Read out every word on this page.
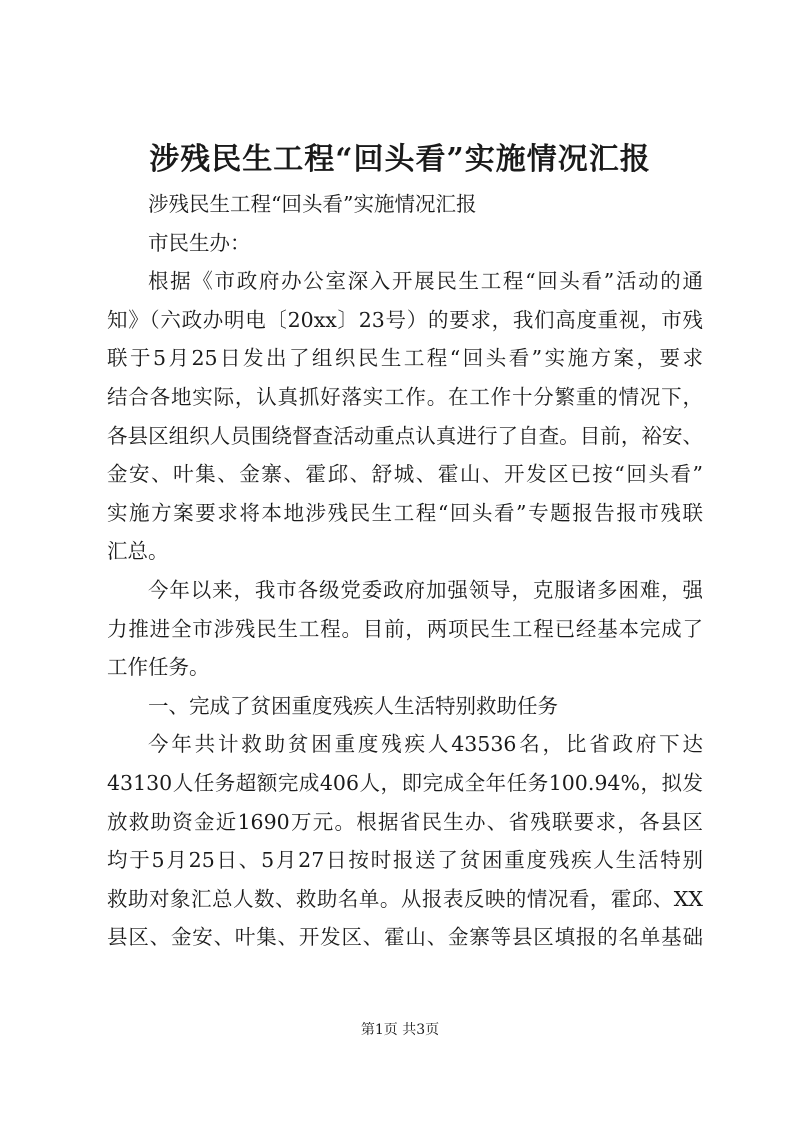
涉残民生工程“回头看”实施情况汇报
涉残民生工程“回头看”实施情况汇报
市民生办：
根据《市政府办公室深入开展民生工程“回头看”活动的通
知》（六政办明电〔20xx〕23号）的要求，我们高度重视，市残
联于5月25日发出了组织民生工程“回头看”实施方案，要求
结合各地实际，认真抓好落实工作。在工作十分繁重的情况下，
各县区组织人员围绕督查活动重点认真进行了自查。目前，裕安、
金安、叶集、金寨、霍邱、舒城、霍山、开发区已按“回头看”
实施方案要求将本地涉残民生工程“回头看”专题报告报市残联
汇总。
今年以来，我市各级党委政府加强领导，克服诸多困难，强
力推进全市涉残民生工程。目前，两项民生工程已经基本完成了
工作任务。
一、完成了贫困重度残疾人生活特别救助任务
今年共计救助贫困重度残疾人43536名，比省政府下达
43130人任务超额完成406人，即完成全年任务100.94%，拟发
放救助资金近1690万元。根据省民生办、省残联要求，各县区
均于5月25日、5月27日按时报送了贫困重度残疾人生活特别
救助对象汇总人数、救助名单。从报表反映的情况看，霍邱、XX
县区、金安、叶集、开发区、霍山、金寨等县区填报的名单基础
第1页 共3页
